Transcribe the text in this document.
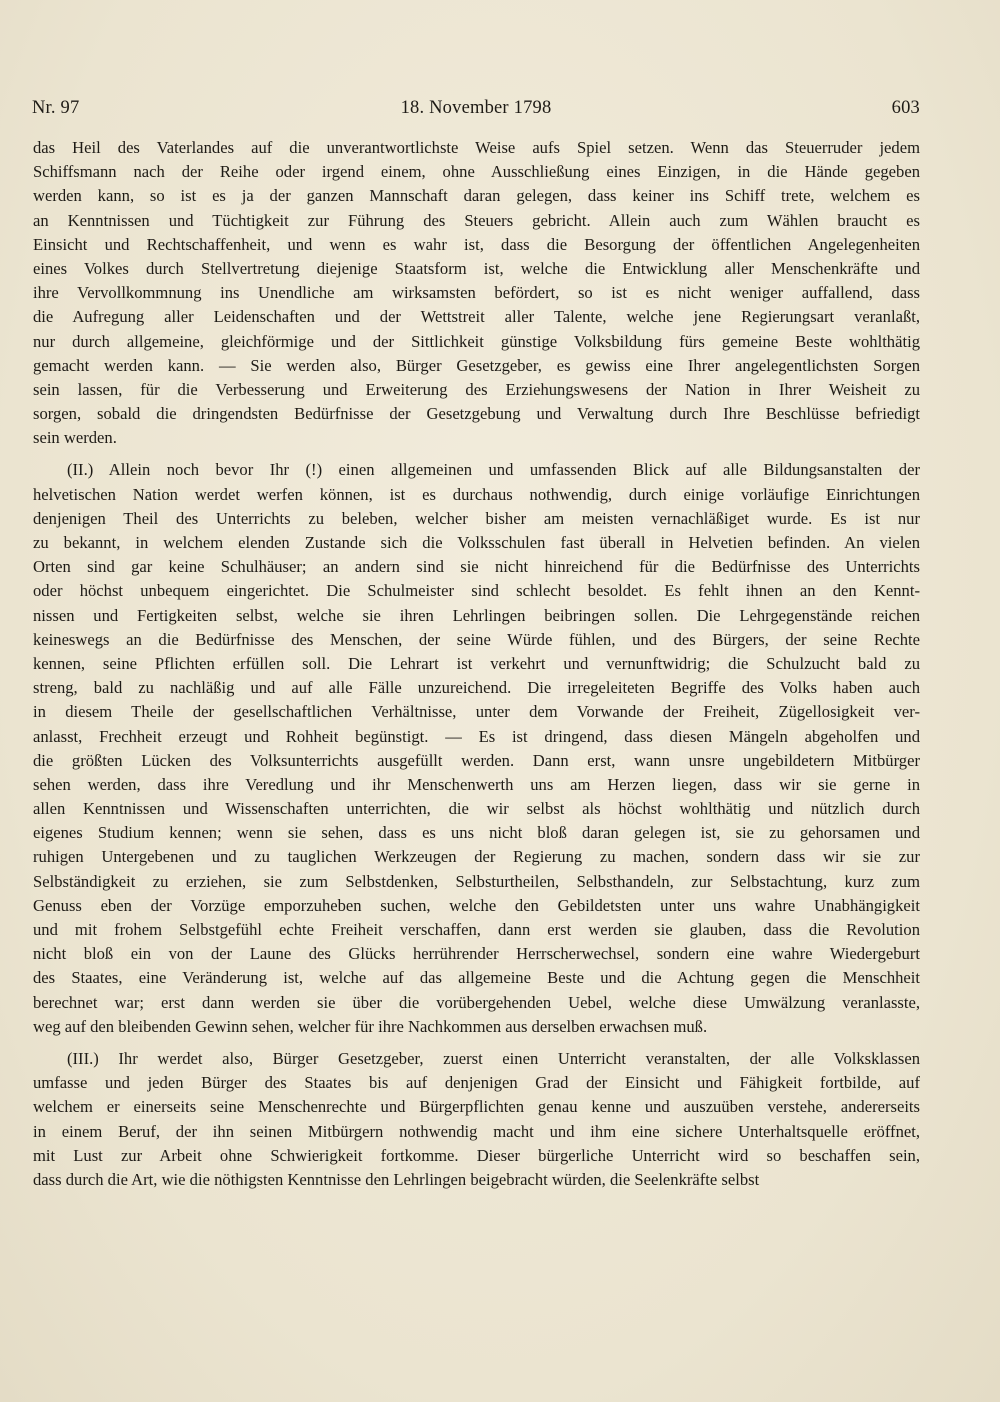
Nr. 97	18. November 1798	603
das Heil des Vaterlandes auf die unverantwortlichste Weise aufs Spiel setzen. Wenn das Steuerruder jedem
Schiffsmann nach der Reihe oder irgend einem, ohne Ausschließung eines Einzigen, in die Hände gegeben
werden kann, so ist es ja der ganzen Mannschaft daran gelegen, dass keiner ins Schiff trete, welchem es
an Kenntnissen und Tüchtigkeit zur Führung des Steuers gebricht. Allein auch zum Wählen braucht es
Einsicht und Rechtschaffenheit, und wenn es wahr ist, dass die Besorgung der öffentlichen Angelegenheiten
eines Volkes durch Stellvertretung diejenige Staatsform ist, welche die Entwicklung aller Menschenkräfte und
ihre Vervollkommnung ins Unendliche am wirksamsten befördert, so ist es nicht weniger auffallend, dass
die Aufregung aller Leidenschaften und der Wettstreit aller Talente, welche jene Regierungsart veranlaßt,
nur durch allgemeine, gleichförmige und der Sittlichkeit günstige Volksbildung fürs gemeine Beste wohlthätig
gemacht werden kann. — Sie werden also, Bürger Gesetzgeber, es gewiss eine Ihrer angelegentlichsten Sorgen
sein lassen, für die Verbesserung und Erweiterung des Erziehungswesens der Nation in Ihrer Weisheit zu
sorgen, sobald die dringendsten Bedürfnisse der Gesetzgebung und Verwaltung durch Ihre Beschlüsse befriedigt
sein werden.
(II.) Allein noch bevor Ihr (!) einen allgemeinen und umfassenden Blick auf alle Bildungsanstalten der
helvetischen Nation werdet werfen können, ist es durchaus nothwendig, durch einige vorläufige Einrichtungen
denjenigen Theil des Unterrichts zu beleben, welcher bisher am meisten vernachläßiget wurde. Es ist nur
zu bekannt, in welchem elenden Zustande sich die Volksschulen fast überall in Helvetien befinden. An vielen
Orten sind gar keine Schulhäuser; an andern sind sie nicht hinreichend für die Bedürfnisse des Unterrichts
oder höchst unbequem eingerichtet. Die Schulmeister sind schlecht besoldet. Es fehlt ihnen an den Kennt-
nissen und Fertigkeiten selbst, welche sie ihren Lehrlingen beibringen sollen. Die Lehrgegenstände reichen
keineswegs an die Bedürfnisse des Menschen, der seine Würde fühlen, und des Bürgers, der seine Rechte
kennen, seine Pflichten erfüllen soll. Die Lehrart ist verkehrt und vernunftwidrig; die Schulzucht bald zu
streng, bald zu nachläßig und auf alle Fälle unzureichend. Die irregeleiteten Begriffe des Volks haben auch
in diesem Theile der gesellschaftlichen Verhältnisse, unter dem Vorwande der Freiheit, Zügellosigkeit ver-
anlasst, Frechheit erzeugt und Rohheit begünstigt. — Es ist dringend, dass diesen Mängeln abgeholfen und
die größten Lücken des Volksunterrichts ausgefüllt werden. Dann erst, wann unsre ungebildetern Mitbürger
sehen werden, dass ihre Veredlung und ihr Menschenwerth uns am Herzen liegen, dass wir sie gerne in
allen Kenntnissen und Wissenschaften unterrichten, die wir selbst als höchst wohlthätig und nützlich durch
eigenes Studium kennen; wenn sie sehen, dass es uns nicht bloß daran gelegen ist, sie zu gehorsamen und
ruhigen Untergebenen und zu tauglichen Werkzeugen der Regierung zu machen, sondern dass wir sie zur
Selbständigkeit zu erziehen, sie zum Selbstdenken, Selbsturtheilen, Selbsthandeln, zur Selbstachtung, kurz zum
Genuss eben der Vorzüge emporzuheben suchen, welche den Gebildetsten unter uns wahre Unabhängigkeit
und mit frohem Selbstgefühl echte Freiheit verschaffen, dann erst werden sie glauben, dass die Revolution
nicht bloß ein von der Laune des Glücks herrührender Herrscherwechsel, sondern eine wahre Wiedergeburt
des Staates, eine Veränderung ist, welche auf das allgemeine Beste und die Achtung gegen die Menschheit
berechnet war; erst dann werden sie über die vorübergehenden Uebel, welche diese Umwälzung veranlasste,
weg auf den bleibenden Gewinn sehen, welcher für ihre Nachkommen aus derselben erwachsen muß.
(III.) Ihr werdet also, Bürger Gesetzgeber, zuerst einen Unterricht veranstalten, der alle Volksklassen
umfasse und jeden Bürger des Staates bis auf denjenigen Grad der Einsicht und Fähigkeit fortbilde, auf
welchem er einerseits seine Menschenrechte und Bürgerpflichten genau kenne und auszuüben verstehe, andererseits
in einem Beruf, der ihn seinen Mitbürgern nothwendig macht und ihm eine sichere Unterhaltsquelle eröffnet,
mit Lust zur Arbeit ohne Schwierigkeit fortkomme. Dieser bürgerliche Unterricht wird so beschaffen sein,
dass durch die Art, wie die nöthigsten Kenntnisse den Lehrlingen beigebracht würden, die Seelenkräfte selbst
